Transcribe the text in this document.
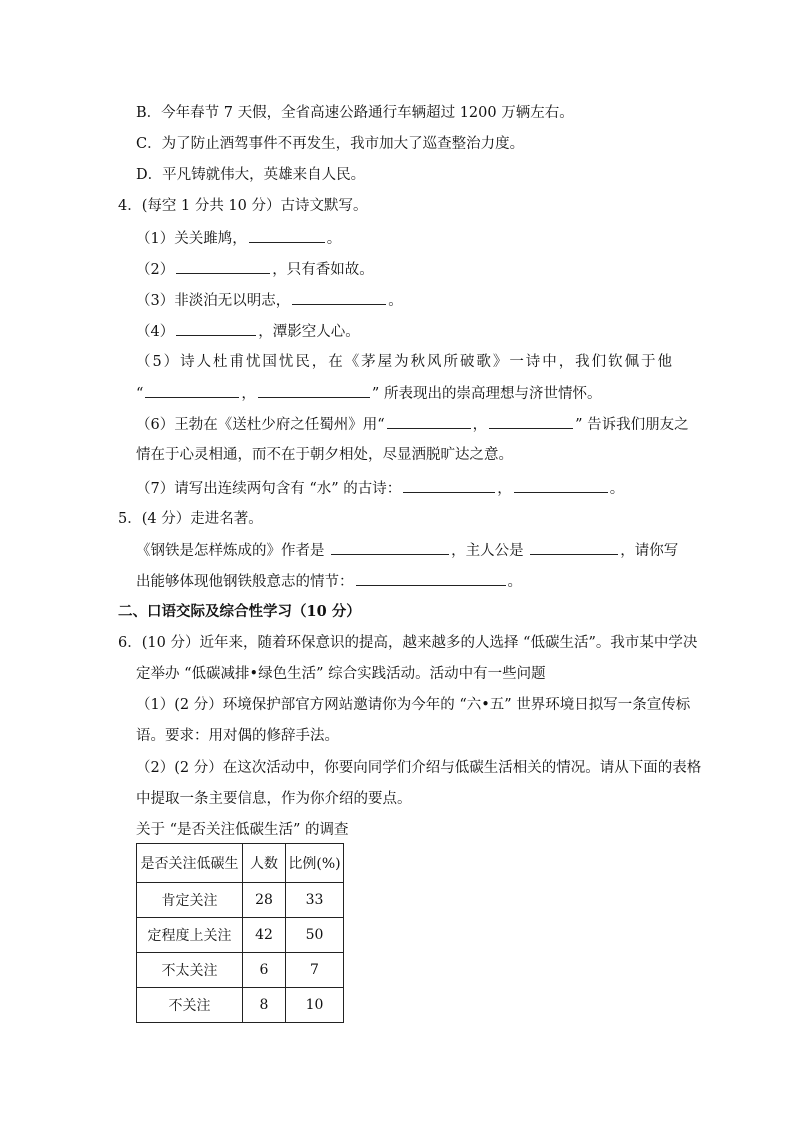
B．今年春节 7 天假，全省高速公路通行车辆超过 1200 万辆左右。
C．为了防止酒驾事件不再发生，我市加大了巡查整治力度。
D．平凡铸就伟大，英雄来自人民。
4．(每空 1 分共 10 分）古诗文默写。
（1）关关雎鸠，	。
（2）	，只有香如故。
（3）非淡泊无以明志，	。
（4）	，潭影空人心。
（5）诗人杜甫忧国忧民，在《茅屋为秋风所破歌》一诗中，我们钦佩于他
“	，	” 所表现出的崇高理想与济世情怀。
（6）王勃在《送杜少府之任蜀州》用“	，	” 告诉我们朋友之
情在于心灵相通，而不在于朝夕相处，尽显洒脱旷达之意。
（7）请写出连续两句含有 “水” 的古诗：	，	。
5．(4 分）走进名著。
《钢铁是怎样炼成的》作者是	，主人公是	，请你写
出能够体现他钢铁般意志的情节：	。
二、口语交际及综合性学习（10 分）
6．(10 分）近年来，随着环保意识的提高，越来越多的人选择 “低碳生活”。我市某中学决
定举办 “低碳减排•绿色生活” 综合实践活动。活动中有一些问题
（1）(2 分）环境保护部官方网站邀请你为今年的 “六•五” 世界环境日拟写一条宣传标
语。要求：用对偶的修辞手法。
（2）(2 分）在这次活动中，你要向同学们介绍与低碳生活相关的情况。请从下面的表格
中提取一条主要信息，作为你介绍的要点。
关于 “是否关注低碳生活” 的调查
是否关注低碳生	人数	比例(%)
肯定关注	28	33
定程度上关注	42	50
不太关注	6	7
不关注	8	10
